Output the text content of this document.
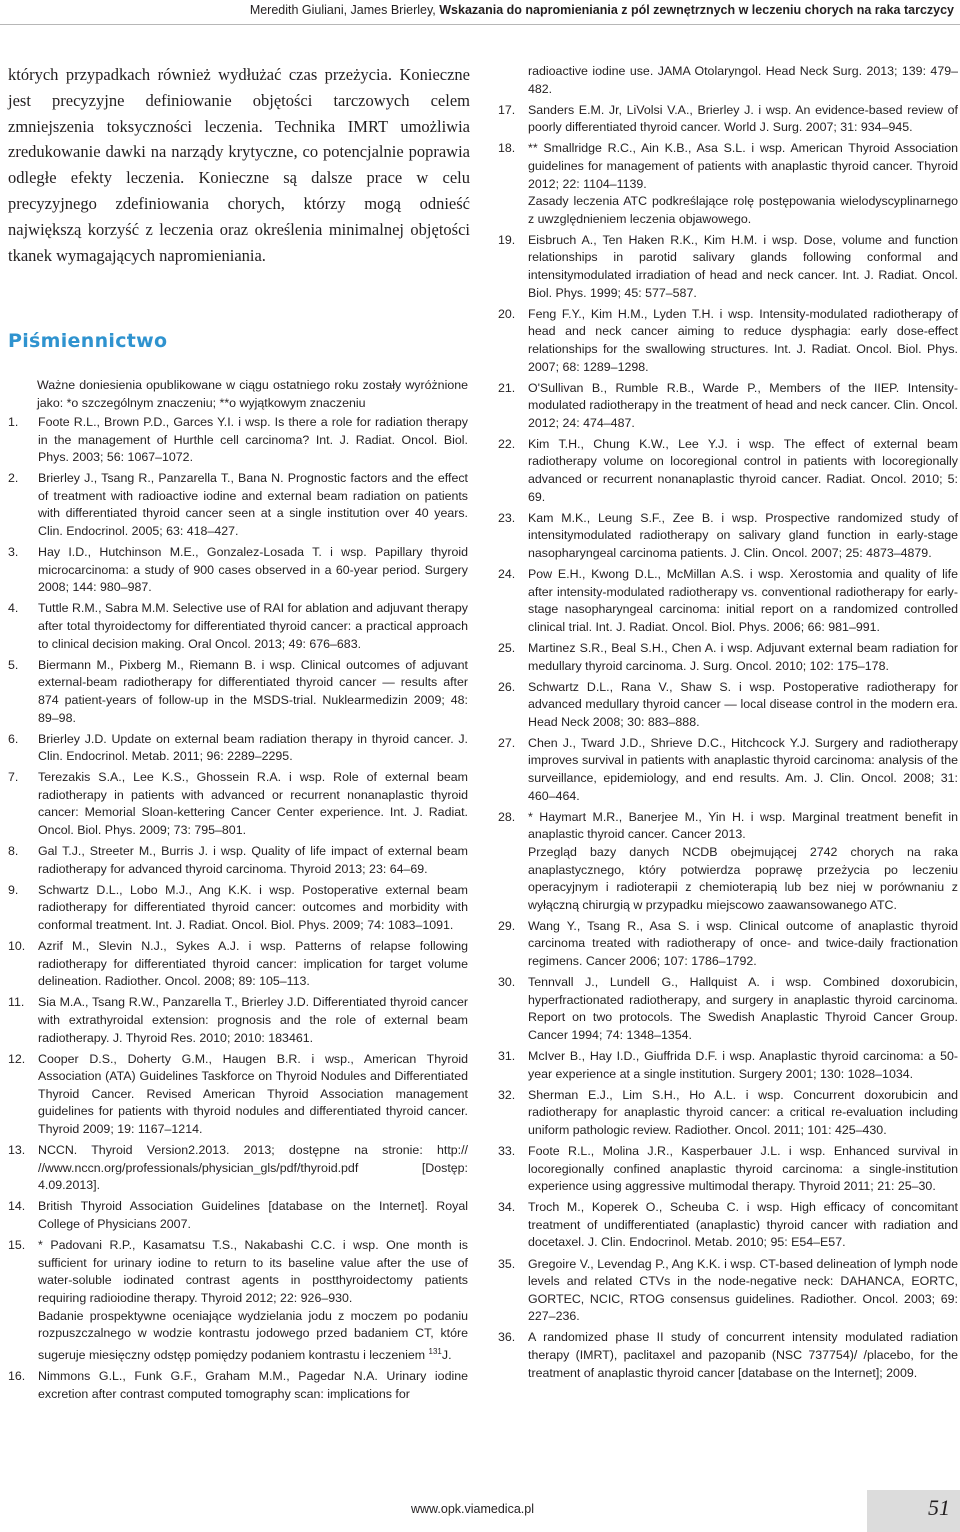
Meredith Giuliani, James Brierley, Wskazania do napromieniania z pól zewnętrznych w leczeniu chorych na raka tarczycy
których przypadkach również wydłużać czas przeżycia. Konieczne jest precyzyjne definiowanie objętości tarczowych celem zmniejszenia toksyczności leczenia. Technika IMRT umożliwia zredukowanie dawki na narządy krytyczne, co potencjalnie poprawia odległe efekty leczenia. Konieczne są dalsze prace w celu precyzyjnego zdefiniowania chorych, którzy mogą odnieść największą korzyść z leczenia oraz określenia minimalnej objętości tkanek wymagających napromieniania.
Piśmiennictwo
Ważne doniesienia opublikowane w ciągu ostatniego roku zostały wyróżnione jako: *o szczególnym znaczeniu; **o wyjątkowym znaczeniu
1. Foote R.L., Brown P.D., Garces Y.I. i wsp. Is there a role for radiation therapy in the management of Hurthle cell carcinoma? Int. J. Radiat. Oncol. Biol. Phys. 2003; 56: 1067–1072.
2. Brierley J., Tsang R., Panzarella T., Bana N. Prognostic factors and the effect of treatment with radioactive iodine and external beam radiation on patients with differentiated thyroid cancer seen at a single institution over 40 years. Clin. Endocrinol. 2005; 63: 418–427.
3. Hay I.D., Hutchinson M.E., Gonzalez-Losada T. i wsp. Papillary thyroid microcarcinoma: a study of 900 cases observed in a 60-year period. Surgery 2008; 144: 980–987.
4. Tuttle R.M., Sabra M.M. Selective use of RAI for ablation and adjuvant therapy after total thyroidectomy for differentiated thyroid cancer: a practical approach to clinical decision making. Oral Oncol. 2013; 49: 676–683.
5. Biermann M., Pixberg M., Riemann B. i wsp. Clinical outcomes of adjuvant external-beam radiotherapy for differentiated thyroid cancer — results after 874 patient-years of follow-up in the MSDS-trial. Nuklearmedizin 2009; 48: 89–98.
6. Brierley J.D. Update on external beam radiation therapy in thyroid cancer. J. Clin. Endocrinol. Metab. 2011; 96: 2289–2295.
7. Terezakis S.A., Lee K.S., Ghossein R.A. i wsp. Role of external beam radiotherapy in patients with advanced or recurrent nonanaplastic thyroid cancer: Memorial Sloan-kettering Cancer Center experience. Int. J. Radiat. Oncol. Biol. Phys. 2009; 73: 795–801.
8. Gal T.J., Streeter M., Burris J. i wsp. Quality of life impact of external beam radiotherapy for advanced thyroid carcinoma. Thyroid 2013; 23: 64–69.
9. Schwartz D.L., Lobo M.J., Ang K.K. i wsp. Postoperative external beam radiotherapy for differentiated thyroid cancer: outcomes and morbidity with conformal treatment. Int. J. Radiat. Oncol. Biol. Phys. 2009; 74: 1083–1091.
10. Azrif M., Slevin N.J., Sykes A.J. i wsp. Patterns of relapse following radiotherapy for differentiated thyroid cancer: implication for target volume delineation. Radiother. Oncol. 2008; 89: 105–113.
11. Sia M.A., Tsang R.W., Panzarella T., Brierley J.D. Differentiated thyroid cancer with extrathyroidal extension: prognosis and the role of external beam radiotherapy. J. Thyroid Res. 2010; 2010: 183461.
12. Cooper D.S., Doherty G.M., Haugen B.R. i wsp., American Thyroid Association (ATA) Guidelines Taskforce on Thyroid Nodules and Differentiated Thyroid Cancer. Revised American Thyroid Association management guidelines for patients with thyroid nodules and differentiated thyroid cancer. Thyroid 2009; 19: 1167–1214.
13. NCCN. Thyroid Version2.2013. 2013; dostępne na stronie: http:// //www.nccn.org/professionals/physician_gls/pdf/thyroid.pdf [Dostęp: 4.09.2013].
14. British Thyroid Association Guidelines [database on the Internet]. Royal College of Physicians 2007.
15. * Padovani R.P., Kasamatsu T.S., Nakabashi C.C. i wsp. One month is sufficient for urinary iodine to return to its baseline value after the use of water-soluble iodinated contrast agents in postthyroidectomy patients requiring radioiodine therapy. Thyroid 2012; 22: 926–930.
Badanie prospektywne oceniające wydzielania jodu z moczem po podaniu rozpuszczalnego w wodzie kontrastu jodowego przed badaniem CT, które sugeruje miesięczny odstęp pomiędzy podaniem kontrastu i leczeniem $^{131}$J.
16. Nimmons G.L., Funk G.F., Graham M.M., Pagedar N.A. Urinary iodine excretion after contrast computed tomography scan: implications for
radioactive iodine use. JAMA Otolaryngol. Head Neck Surg. 2013; 139: 479–482.
17. Sanders E.M. Jr, LiVolsi V.A., Brierley J. i wsp. An evidence-based review of poorly differentiated thyroid cancer. World J. Surg. 2007; 31: 934–945.
18. ** Smallridge R.C., Ain K.B., Asa S.L. i wsp. American Thyroid Association guidelines for management of patients with anaplastic thyroid cancer. Thyroid 2012; 22: 1104–1139.
Zasady leczenia ATC podkreślające rolę postępowania wielodyscyplinarnego z uwzględnieniem leczenia objawowego.
19. Eisbruch A., Ten Haken R.K., Kim H.M. i wsp. Dose, volume and function relationships in parotid salivary glands following conformal and intensitymodulated irradiation of head and neck cancer. Int. J. Radiat. Oncol. Biol. Phys. 1999; 45: 577–587.
20. Feng F.Y., Kim H.M., Lyden T.H. i wsp. Intensity-modulated radiotherapy of head and neck cancer aiming to reduce dysphagia: early dose-effect relationships for the swallowing structures. Int. J. Radiat. Oncol. Biol. Phys. 2007; 68: 1289–1298.
21. O'Sullivan B., Rumble R.B., Warde P., Members of the IIEP. Intensity-modulated radiotherapy in the treatment of head and neck cancer. Clin. Oncol. 2012; 24: 474–487.
22. Kim T.H., Chung K.W., Lee Y.J. i wsp. The effect of external beam radiotherapy volume on locoregional control in patients with locoregionally advanced or recurrent nonanaplastic thyroid cancer. Radiat. Oncol. 2010; 5: 69.
23. Kam M.K., Leung S.F., Zee B. i wsp. Prospective randomized study of intensitymodulated radiotherapy on salivary gland function in early-stage nasopharyngeal carcinoma patients. J. Clin. Oncol. 2007; 25: 4873–4879.
24. Pow E.H., Kwong D.L., McMillan A.S. i wsp. Xerostomia and quality of life after intensity-modulated radiotherapy vs. conventional radiotherapy for early-stage nasopharyngeal carcinoma: initial report on a randomized controlled clinical trial. Int. J. Radiat. Oncol. Biol. Phys. 2006; 66: 981–991.
25. Martinez S.R., Beal S.H., Chen A. i wsp. Adjuvant external beam radiation for medullary thyroid carcinoma. J. Surg. Oncol. 2010; 102: 175–178.
26. Schwartz D.L., Rana V., Shaw S. i wsp. Postoperative radiotherapy for advanced medullary thyroid cancer — local disease control in the modern era. Head Neck 2008; 30: 883–888.
27. Chen J., Tward J.D., Shrieve D.C., Hitchcock Y.J. Surgery and radiotherapy improves survival in patients with anaplastic thyroid carcinoma: analysis of the surveillance, epidemiology, and end results. Am. J. Clin. Oncol. 2008; 31: 460–464.
28. * Haymart M.R., Banerjee M., Yin H. i wsp. Marginal treatment benefit in anaplastic thyroid cancer. Cancer 2013.
Przegląd bazy danych NCDB obejmującej 2742 chorych na raka anaplastycznego, który potwierdza poprawę przeżycia po leczeniu operacyjnym i radioterapii z chemioterapią lub bez niej w porównaniu z wyłączną chirurgią w przypadku miejscowo zaawansowanego ATC.
29. Wang Y., Tsang R., Asa S. i wsp. Clinical outcome of anaplastic thyroid carcinoma treated with radiotherapy of once- and twice-daily fractionation regimens. Cancer 2006; 107: 1786–1792.
30. Tennvall J., Lundell G., Hallquist A. i wsp. Combined doxorubicin, hyperfractionated radiotherapy, and surgery in anaplastic thyroid carcinoma. Report on two protocols. The Swedish Anaplastic Thyroid Cancer Group. Cancer 1994; 74: 1348–1354.
31. McIver B., Hay I.D., Giuffrida D.F. i wsp. Anaplastic thyroid carcinoma: a 50-year experience at a single institution. Surgery 2001; 130: 1028–1034.
32. Sherman E.J., Lim S.H., Ho A.L. i wsp. Concurrent doxorubicin and radiotherapy for anaplastic thyroid cancer: a critical re-evaluation including uniform pathologic review. Radiother. Oncol. 2011; 101: 425–430.
33. Foote R.L., Molina J.R., Kasperbauer J.L. i wsp. Enhanced survival in locoregionally confined anaplastic thyroid carcinoma: a single-institution experience using aggressive multimodal therapy. Thyroid 2011; 21: 25–30.
34. Troch M., Koperek O., Scheuba C. i wsp. High efficacy of concomitant treatment of undifferentiated (anaplastic) thyroid cancer with radiation and docetaxel. J. Clin. Endocrinol. Metab. 2010; 95: E54–E57.
35. Gregoire V., Levendag P., Ang K.K. i wsp. CT-based delineation of lymph node levels and related CTVs in the node-negative neck: DAHANCA, EORTC, GORTEC, NCIC, RTOG consensus guidelines. Radiother. Oncol. 2003; 69: 227–236.
36. A randomized phase II study of concurrent intensity modulated radiation therapy (IMRT), paclitaxel and pazopanib (NSC 737754)/ /placebo, for the treatment of anaplastic thyroid cancer [database on the Internet]; 2009.
www.opk.viamedica.pl	51
